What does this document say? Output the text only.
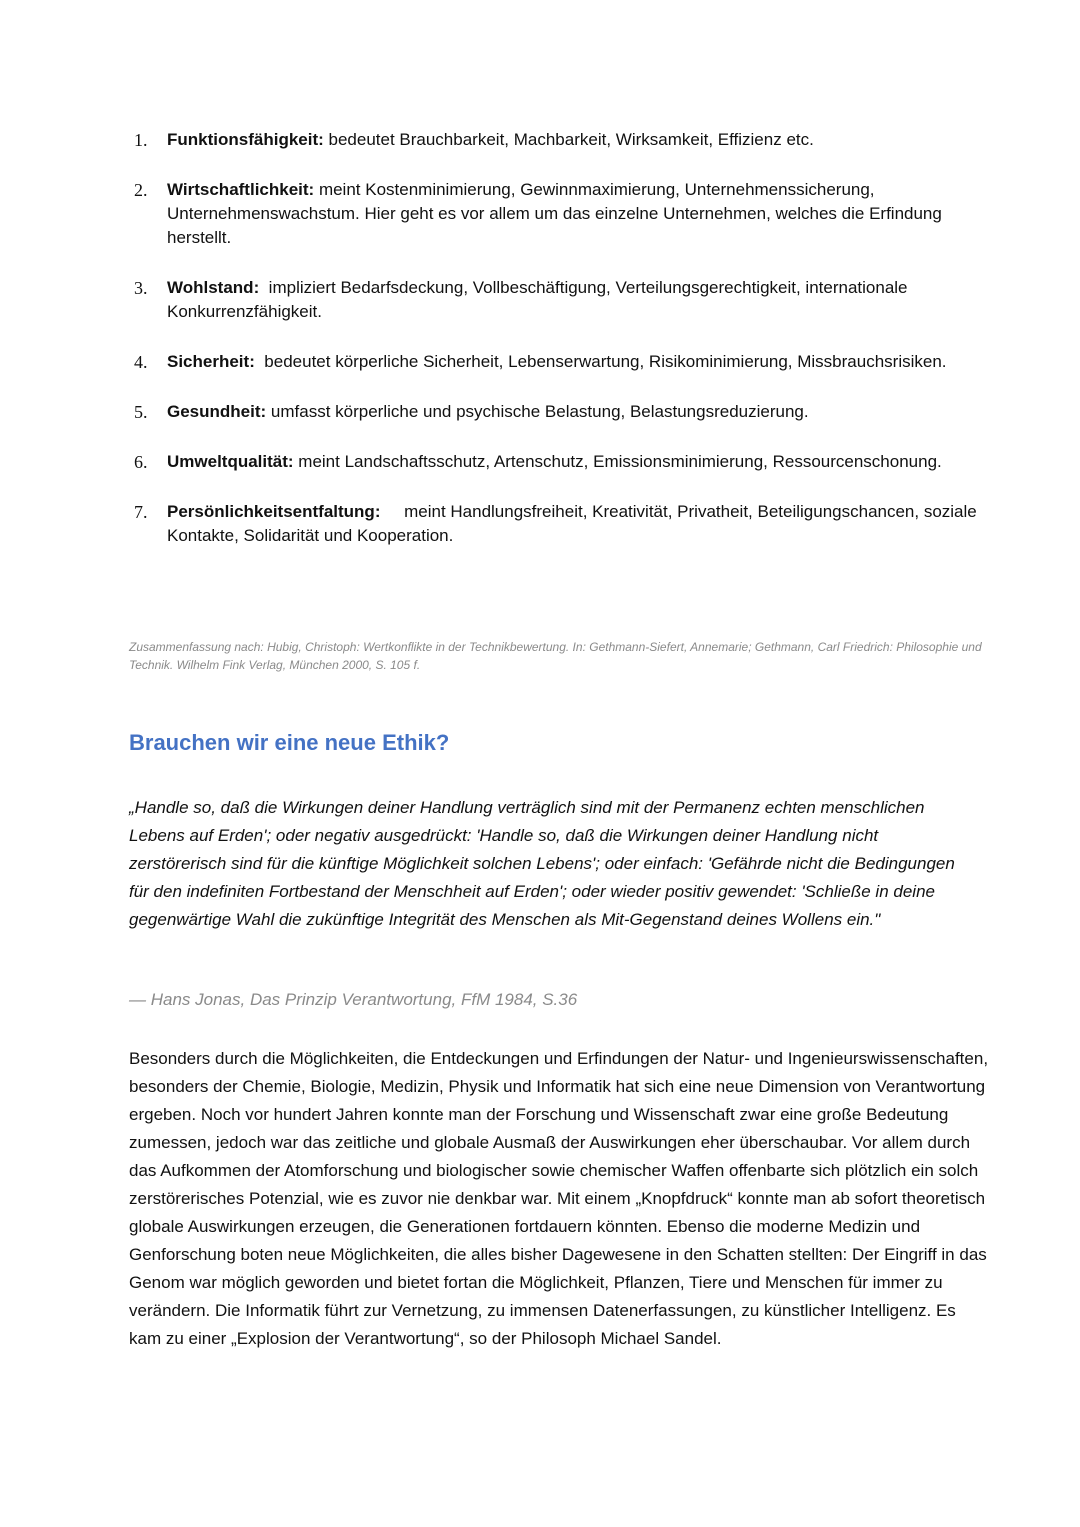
1.	Funktionsfähigkeit: bedeutet Brauchbarkeit, Machbarkeit, Wirksamkeit, Effizienz etc.
2.	Wirtschaftlichkeit: meint Kostenminimierung, Gewinnmaximierung, Unternehmenssicherung, Unternehmenswachstum. Hier geht es vor allem um das einzelne Unternehmen, welches die Erfindung herstellt.
3.	Wohlstand:  impliziert Bedarfsdeckung, Vollbeschäftigung, Verteilungsgerechtigkeit, internationale Konkurrenzfähigkeit.
4.	Sicherheit:  bedeutet körperliche Sicherheit, Lebenserwartung, Risikominimierung, Missbrauchsrisiken.
5.	Gesundheit: umfasst körperliche und psychische Belastung, Belastungsreduzierung.
6.	Umweltqualität: meint Landschaftsschutz, Artenschutz, Emissionsminimierung, Ressourcenschonung.
7.	Persönlichkeitsentfaltung:     meint Handlungsfreiheit, Kreativität, Privatheit, Beteiligungschancen, soziale Kontakte, Solidarität und Kooperation.

Zusammenfassung nach: Hubig, Christoph: Wertkonflikte in der Technikbewertung. In: Gethmann-Siefert, Annemarie; Gethmann, Carl Friedrich: Philosophie und Technik. Wilhelm Fink Verlag, München 2000, S. 105 f.

Brauchen wir eine neue Ethik?

„Handle so, daß die Wirkungen deiner Handlung verträglich sind mit der Permanenz echten menschlichen Lebens auf Erden'; oder negativ ausgedrückt: 'Handle so, daß die Wirkungen deiner Handlung nicht zerstörerisch sind für die künftige Möglichkeit solchen Lebens'; oder einfach: 'Gefährde nicht die Bedingungen für den indefiniten Fortbestand der Menschheit auf Erden'; oder wieder positiv gewendet: 'Schließe in deine gegenwärtige Wahl die zukünftige Integrität des Menschen als Mit-Gegenstand deines Wollens ein."

— Hans Jonas, Das Prinzip Verantwortung, FfM 1984, S.36

Besonders durch die Möglichkeiten, die Entdeckungen und Erfindungen der Natur- und Ingenieurswissenschaften, besonders der Chemie, Biologie, Medizin, Physik und Informatik hat sich eine neue Dimension von Verantwortung ergeben. Noch vor hundert Jahren konnte man der Forschung und Wissenschaft zwar eine große Bedeutung zumessen, jedoch war das zeitliche und globale Ausmaß der Auswirkungen eher überschaubar. Vor allem durch das Aufkommen der Atomforschung und biologischer sowie chemischer Waffen offenbarte sich plötzlich ein solch zerstörerisches Potenzial, wie es zuvor nie denkbar war. Mit einem „Knopfdruck“ konnte man ab sofort theoretisch globale Auswirkungen erzeugen, die Generationen fortdauern könnten. Ebenso die moderne Medizin und Genforschung boten neue Möglichkeiten, die alles bisher Dagewesene in den Schatten stellten: Der Eingriff in das Genom war möglich geworden und bietet fortan die Möglichkeit, Pflanzen, Tiere und Menschen für immer zu verändern. Die Informatik führt zur Vernetzung, zu immensen Datenerfassungen, zu künstlicher Intelligenz. Es kam zu einer „Explosion der Verantwortung“, so der Philosoph Michael Sandel.
